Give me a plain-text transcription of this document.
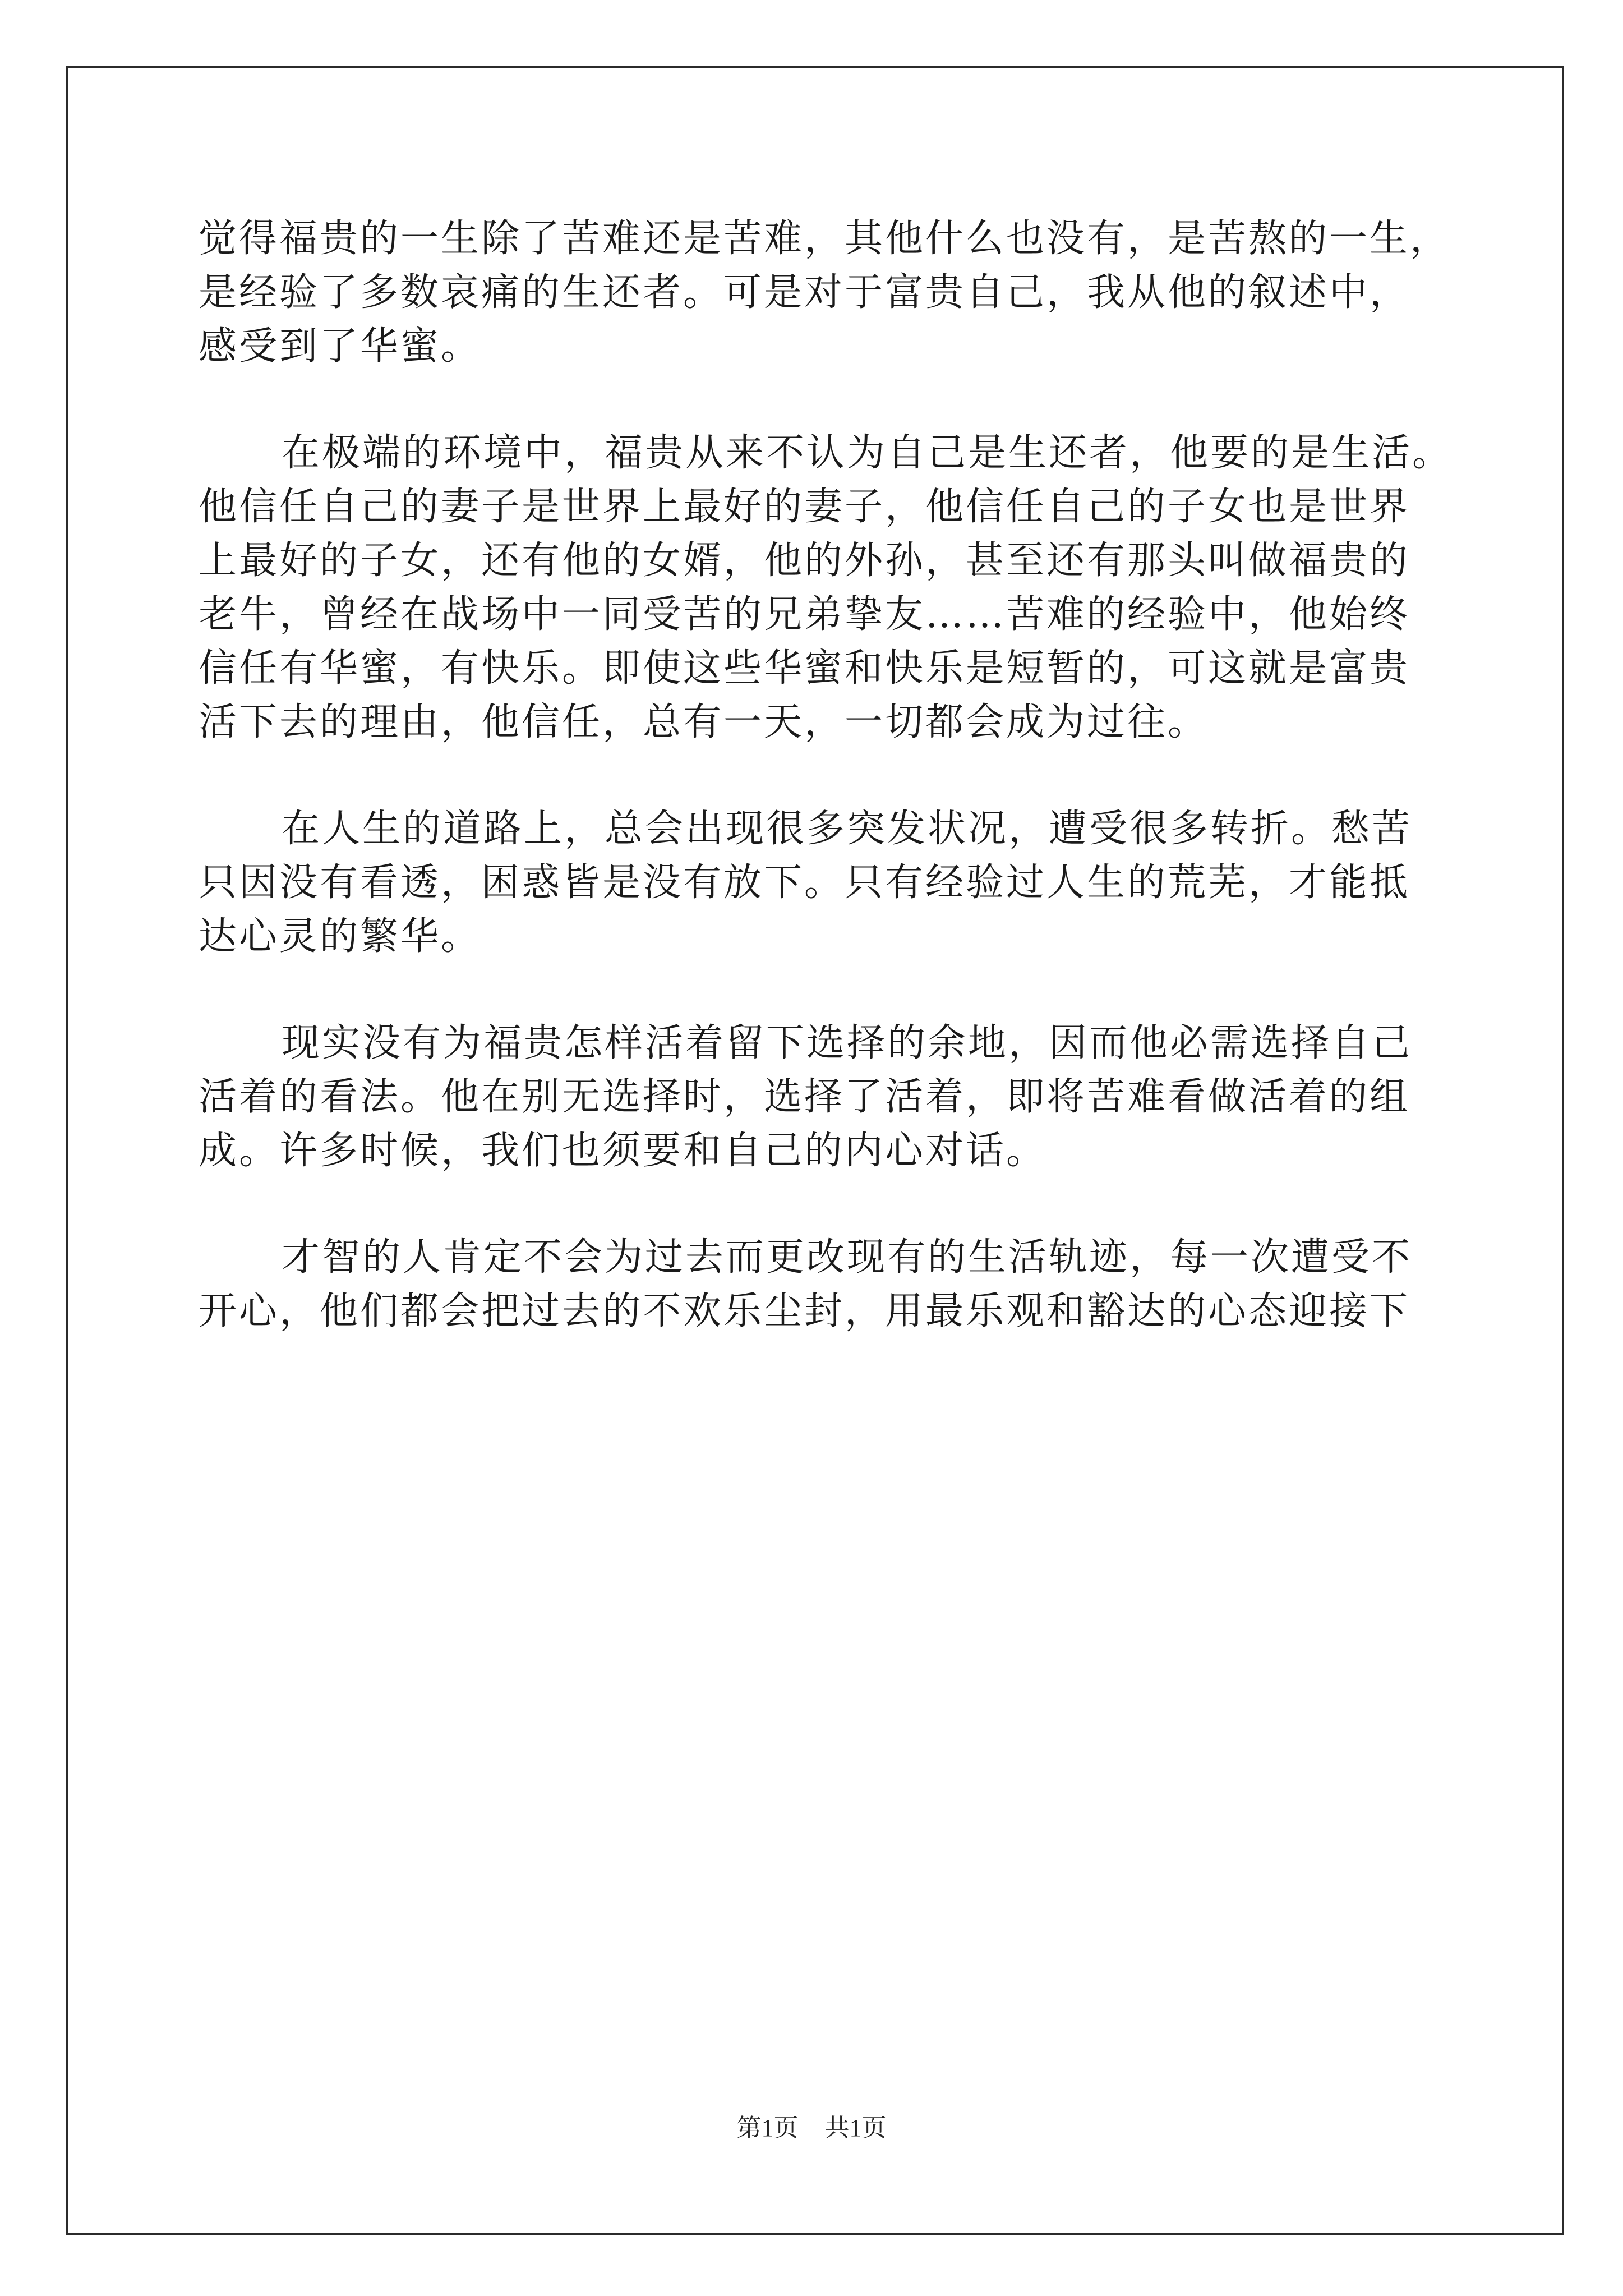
觉得福贵的一生除了苦难还是苦难，其他什么也没有，是苦熬的一生，
是经验了多数哀痛的生还者。可是对于富贵自己，我从他的叙述中，
感受到了华蜜。
在极端的环境中，福贵从来不认为自己是生还者，他要的是生活。
他信任自己的妻子是世界上最好的妻子，他信任自己的子女也是世界
上最好的子女，还有他的女婿，他的外孙，甚至还有那头叫做福贵的
老牛，曾经在战场中一同受苦的兄弟挚友……苦难的经验中，他始终
信任有华蜜，有快乐。即使这些华蜜和快乐是短暂的，可这就是富贵
活下去的理由，他信任，总有一天，一切都会成为过往。
在人生的道路上，总会出现很多突发状况，遭受很多转折。愁苦
只因没有看透，困惑皆是没有放下。只有经验过人生的荒芜，才能抵
达心灵的繁华。
现实没有为福贵怎样活着留下选择的余地，因而他必需选择自己
活着的看法。他在别无选择时，选择了活着，即将苦难看做活着的组
成。许多时候，我们也须要和自己的内心对话。
才智的人肯定不会为过去而更改现有的生活轨迹，每一次遭受不
开心，他们都会把过去的不欢乐尘封，用最乐观和豁达的心态迎接下
第1页 共1页
